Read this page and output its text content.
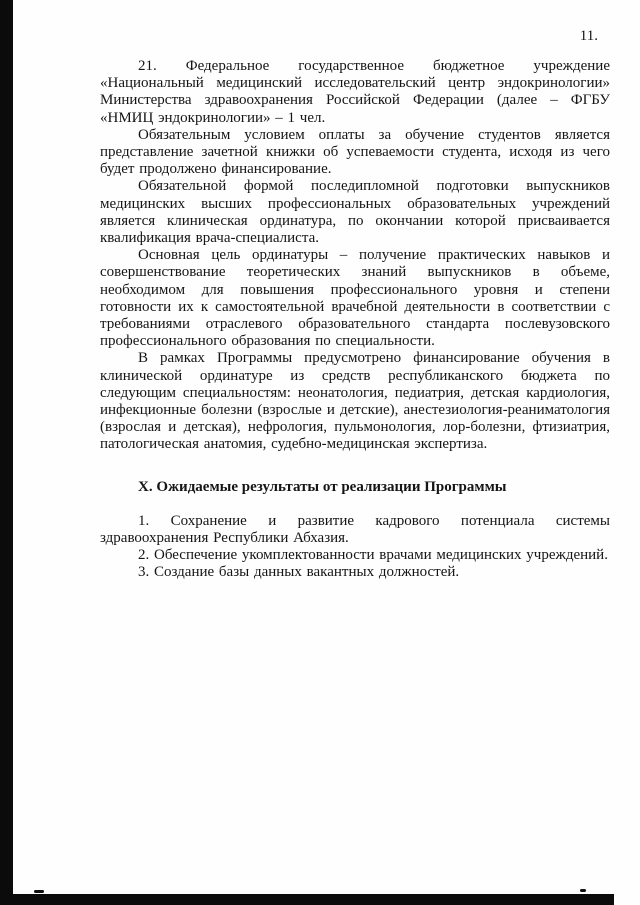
11.

21. Федеральное государственное бюджетное учреждение «Национальный медицинский исследовательский центр эндокринологии» Министерства здравоохранения Российской Федерации (далее – ФГБУ «НМИЦ эндокринологии» – 1 чел.

Обязательным условием оплаты за обучение студентов является представление зачетной книжки об успеваемости студента, исходя из чего будет продолжено финансирование.

Обязательной формой последипломной подготовки выпускников медицинских высших профессиональных образовательных учреждений является клиническая ординатура, по окончании которой присваивается квалификация врача-специалиста.

Основная цель ординатуры – получение практических навыков и совершенствование теоретических знаний выпускников в объеме, необходимом для повышения профессионального уровня и степени готовности их к самостоятельной врачебной деятельности в соответствии с требованиями отраслевого образовательного стандарта послевузовского профессионального образования по специальности.

В рамках Программы предусмотрено финансирование обучения в клинической ординатуре из средств республиканского бюджета по следующим специальностям: неонатология, педиатрия, детская кардиология, инфекционные болезни (взрослые и детские), анестезиология-реаниматология (взрослая и детская), нефрология, пульмонология, лор-болезни, фтизиатрия, патологическая анатомия, судебно-медицинская экспертиза.

X. Ожидаемые результаты от реализации Программы

1. Сохранение и развитие кадрового потенциала системы здравоохранения Республики Абхазия.

2. Обеспечение укомплектованности врачами медицинских учреждений.

3. Создание базы данных вакантных должностей.
